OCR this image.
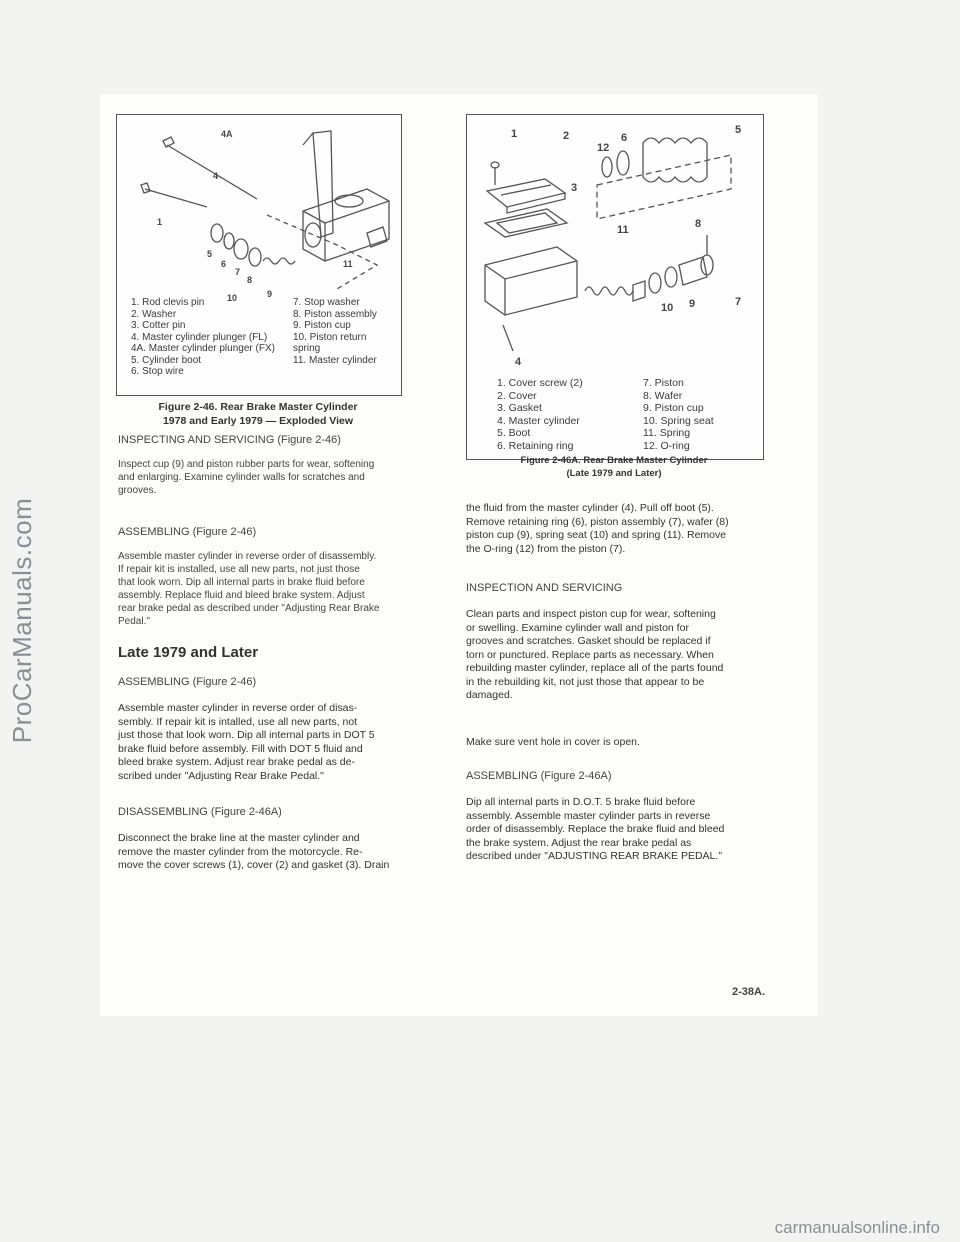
ProCarManuals.com
carmanualsonline.info
4A
4
1
5
6
7
8
9
10
11
1. Rod clevis pin
2. Washer
3. Cotter pin
4. Master cylinder plunger (FL)
4A. Master cylinder plunger (FX)
5. Cylinder boot
6. Stop wire
7. Stop washer
8. Piston assembly
9. Piston cup
10. Piston return
spring
11. Master cylinder
Figure 2-46. Rear Brake Master Cylinder
1978 and Early 1979 — Exploded View
1	2
12
6
5
3
8
11
7
10 9
4
1. Cover screw (2)
2. Cover
3. Gasket
4. Master cylinder
5. Boot
6. Retaining ring
7. Piston
8. Wafer
9. Piston cup
10. Spring seat
11. Spring
12. O-ring
Figure 2-46A. Rear Brake Master Cylinder
(Late 1979 and Later)
INSPECTING AND SERVICING (Figure 2-46)
Inspect cup (9) and piston rubber parts for wear, softening
and enlarging. Examine cylinder walls for scratches and
grooves.
ASSEMBLING (Figure 2-46)
Assemble master cylinder in reverse order of disassembly.
If repair kit is installed, use all new parts, not just those
that look worn. Dip all internal parts in brake fluid before
assembly. Replace fluid and bleed brake system. Adjust
rear brake pedal as described under "Adjusting Rear Brake
Pedal."
Late 1979 and Later
ASSEMBLING (Figure 2-46)
Assemble master cylinder in reverse order of disas-
sembly. If repair kit is intalled, use all new parts, not
just those that look worn. Dip all internal parts in DOT 5
brake fluid before assembly. Fill with DOT 5 fluid and
bleed brake system. Adjust rear brake pedal as de-
scribed under "Adjusting Rear Brake Pedal."
DISASSEMBLING (Figure 2-46A)
Disconnect the brake line at the master cylinder and
remove the master cylinder from the motorcycle. Re-
move the cover screws (1), cover (2) and gasket (3). Drain
the fluid from the master cylinder (4). Pull off boot (5).
Remove retaining ring (6), piston assembly (7), wafer (8)
piston cup (9), spring seat (10) and spring (11). Remove
the O-ring (12) from the piston (7).
INSPECTION AND SERVICING
Clean parts and inspect piston cup for wear, softening
or swelling. Examine cylinder wall and piston for
grooves and scratches. Gasket should be replaced if
torn or punctured. Replace parts as necessary. When
rebuilding master cylinder, replace all of the parts found
in the rebuilding kit, not just those that appear to be
damaged.
Make sure vent hole in cover is open.
ASSEMBLING (Figure 2-46A)
Dip all internal parts in D.O.T. 5 brake fluid before
assembly. Assemble master cylinder parts in reverse
order of disassembly. Replace the brake fluid and bleed
the brake system. Adjust the rear brake pedal as
described under "ADJUSTING REAR BRAKE PEDAL."
2-38A.
